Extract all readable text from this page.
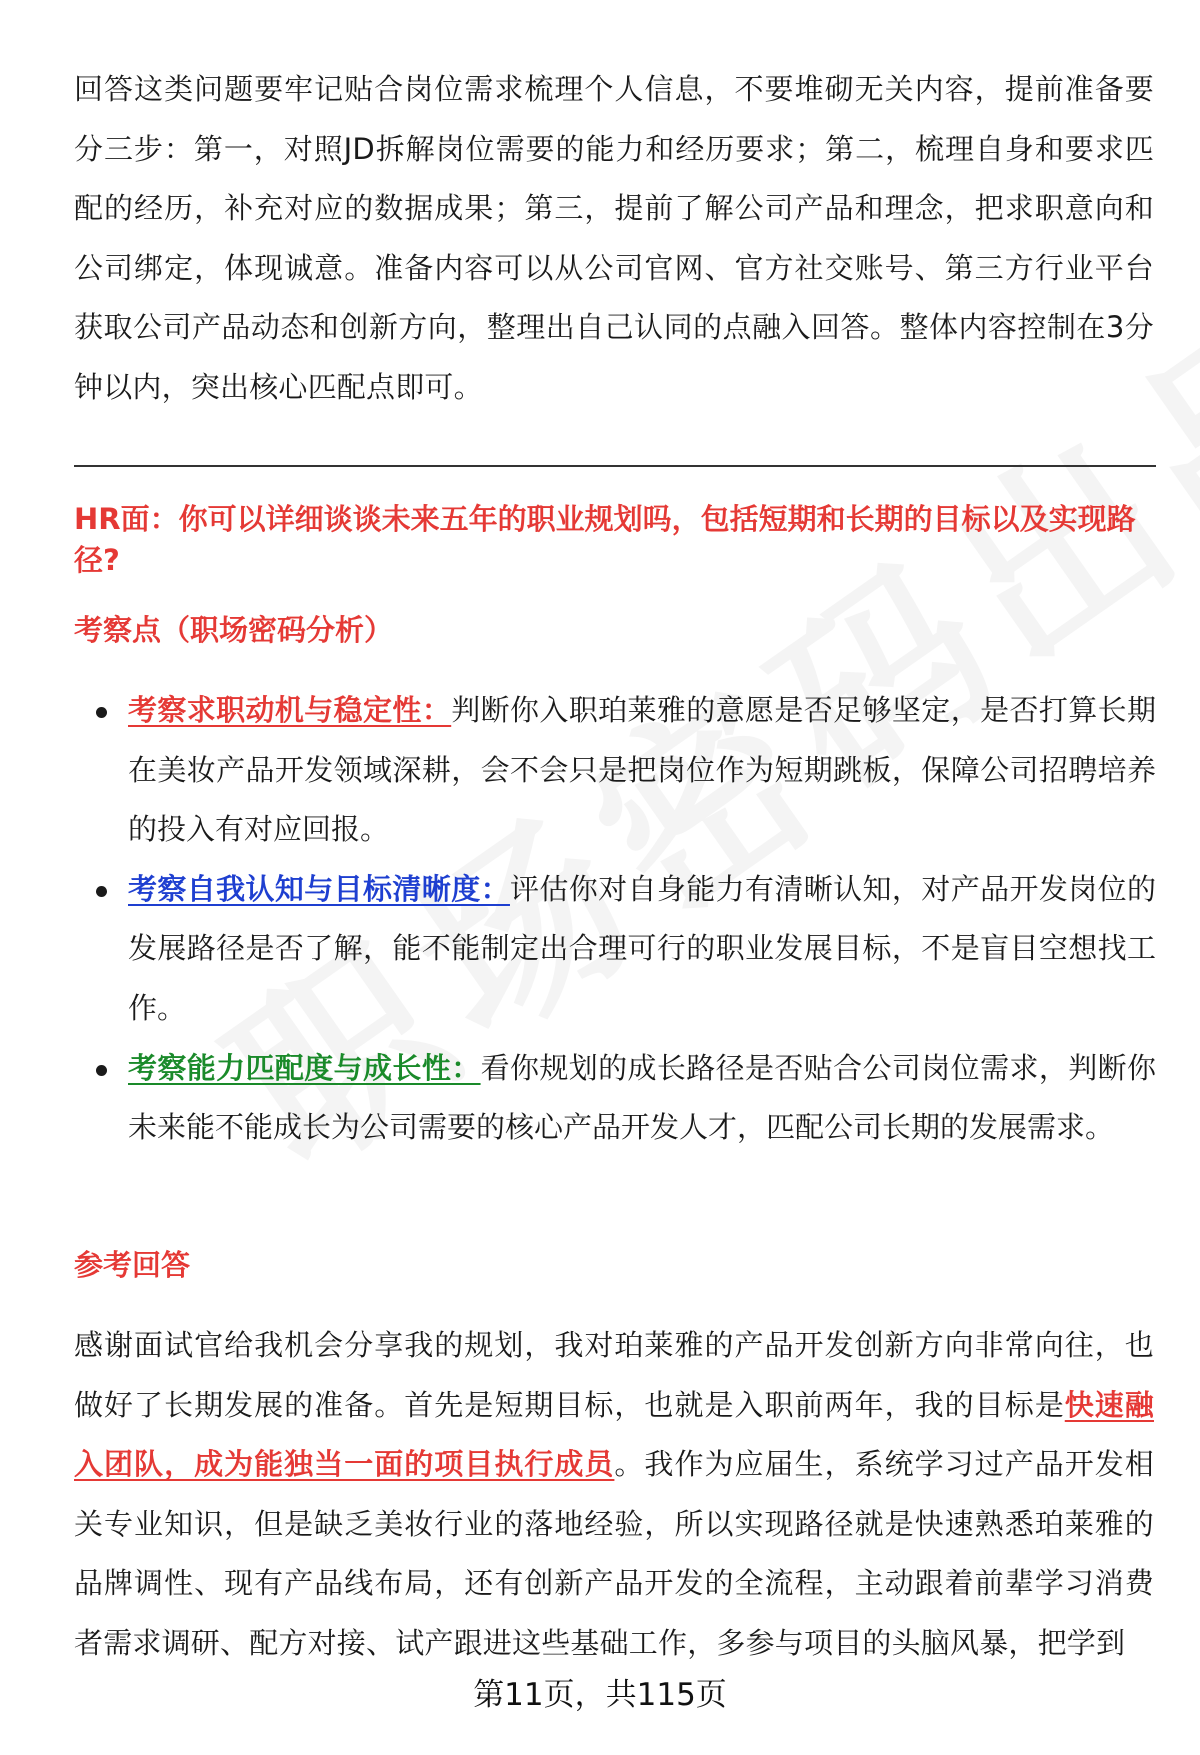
回答这类问题要牢记贴合岗位需求梳理个人信息，不要堆砌无关内容，提前准备要分三步：第一，对照JD拆解岗位需要的能力和经历要求；第二，梳理自身和要求匹配的经历，补充对应的数据成果；第三，提前了解公司产品和理念，把求职意向和公司绑定，体现诚意。准备内容可以从公司官网、官方社交账号、第三方行业平台获取公司产品动态和创新方向，整理出自己认同的点融入回答。整体内容控制在3分钟以内，突出核心匹配点即可。

HR面：你可以详细谈谈未来五年的职业规划吗，包括短期和长期的目标以及实现路径?

考察点（职场密码分析）

考察求职动机与稳定性：判断你入职珀莱雅的意愿是否足够坚定，是否打算长期在美妆产品开发领域深耕，会不会只是把岗位作为短期跳板，保障公司招聘培养的投入有对应回报。
考察自我认知与目标清晰度：评估你对自身能力有清晰认知，对产品开发岗位的发展路径是否了解，能不能制定出合理可行的职业发展目标，不是盲目空想找工作。
考察能力匹配度与成长性：看你规划的成长路径是否贴合公司岗位需求，判断你未来能不能成长为公司需要的核心产品开发人才，匹配公司长期的发展需求。

参考回答

感谢面试官给我机会分享我的规划，我对珀莱雅的产品开发创新方向非常向往，也做好了长期发展的准备。首先是短期目标，也就是入职前两年，我的目标是快速融入团队，成为能独当一面的项目执行成员。我作为应届生，系统学习过产品开发相关专业知识，但是缺乏美妆行业的落地经验，所以实现路径就是快速熟悉珀莱雅的品牌调性、现有产品线布局，还有创新产品开发的全流程，主动跟着前辈学习消费者需求调研、配方对接、试产跟进这些基础工作，多参与项目的头脑风暴，把学到

第11页，共115页
